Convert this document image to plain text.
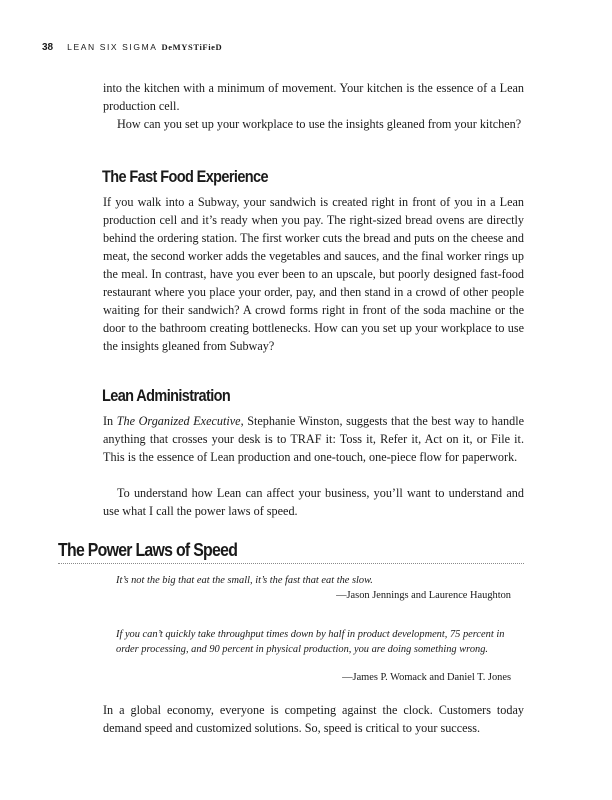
38 LEAN SIX SIGMA DeMYSTiFieD

into the kitchen with a minimum of movement. Your kitchen is the essence of a Lean production cell.

How can you set up your workplace to use the insights gleaned from your kitchen?

The Fast Food Experience

If you walk into a Subway, your sandwich is created right in front of you in a Lean production cell and it’s ready when you pay. The right-sized bread ovens are directly behind the ordering station. The first worker cuts the bread and puts on the cheese and meat, the second worker adds the vegetables and sauces, and the final worker rings up the meal. In contrast, have you ever been to an upscale, but poorly designed fast-food restaurant where you place your order, pay, and then stand in a crowd of other people waiting for their sandwich? A crowd forms right in front of the soda machine or the door to the bathroom creating bottlenecks. How can you set up your workplace to use the insights gleaned from Subway?

Lean Administration

In The Organized Executive, Stephanie Winston, suggests that the best way to handle anything that crosses your desk is to TRAF it: Toss it, Refer it, Act on it, or File it. This is the essence of Lean production and one-touch, one-piece flow for paperwork.

To understand how Lean can affect your business, you’ll want to understand and use what I call the power laws of speed.

The Power Laws of Speed

It’s not the big that eat the small, it’s the fast that eat the slow.

—Jason Jennings and Laurence Haughton

If you can’t quickly take throughput times down by half in product development, 75 percent in order processing, and 90 percent in physical production, you are doing something wrong.

—James P. Womack and Daniel T. Jones

In a global economy, everyone is competing against the clock. Customers today demand speed and customized solutions. So, speed is critical to your success.
